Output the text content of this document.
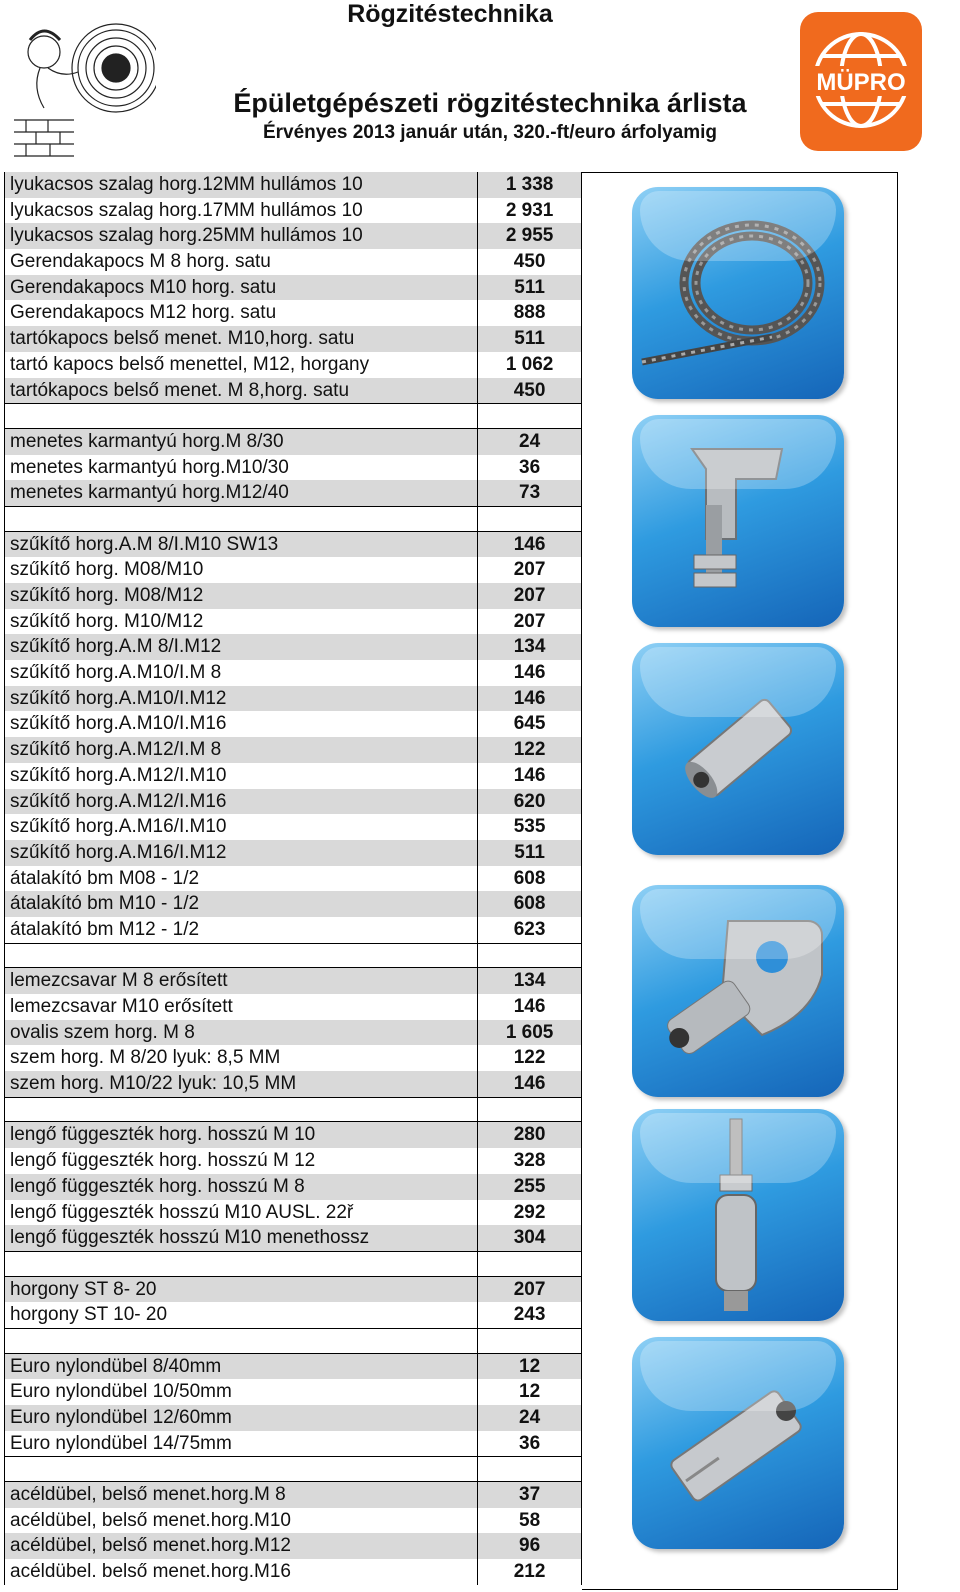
Rögzitéstechnika
Épületgépészeti rögzitéstechnika árlista
Érvényes 2013 január után, 320.-ft/euro árfolyamig
MÜPRO
lyukacsos szalag horg.12MM hullámos 10	1 338
lyukacsos szalag horg.17MM hullámos 10	2 931
lyukacsos szalag horg.25MM hullámos 10	2 955
Gerendakapocs M 8 horg. satu	450
Gerendakapocs M10 horg. satu	511
Gerendakapocs M12 horg. satu	888
tartókapocs belső menet. M10,horg. satu	511
tartó kapocs belső menettel, M12, horgany	1 062
tartókapocs belső menet. M 8,horg. satu	450
menetes karmantyú horg.M 8/30	24
menetes karmantyú horg.M10/30	36
menetes karmantyú horg.M12/40	73
szűkítő horg.A.M 8/I.M10 SW13	146
szűkítő horg. M08/M10	207
szűkítő horg. M08/M12	207
szűkítő horg. M10/M12	207
szűkítő horg.A.M 8/I.M12	134
szűkítő horg.A.M10/I.M 8	146
szűkítő horg.A.M10/I.M12	146
szűkítő horg.A.M10/I.M16	645
szűkítő horg.A.M12/I.M 8	122
szűkítő horg.A.M12/I.M10	146
szűkítő horg.A.M12/I.M16	620
szűkítő horg.A.M16/I.M10	535
szűkítő horg.A.M16/I.M12	511
átalakító bm M08 - 1/2	608
átalakító bm M10 - 1/2	608
átalakító bm M12 - 1/2	623
lemezcsavar M 8 erősített	134
lemezcsavar M10 erősített	146
ovalis szem horg. M 8	1 605
szem horg. M 8/20 lyuk: 8,5 MM	122
szem horg. M10/22 lyuk: 10,5 MM	146
lengő függeszték horg. hosszú M 10	280
lengő függeszték horg. hosszú M 12	328
lengő függeszték horg. hosszú M 8	255
lengő függeszték hosszú M10 AUSL. 22ř	292
lengő függeszték hosszú M10 menethossz	304
horgony ST 8- 20	207
horgony ST 10- 20	243
Euro nylondübel 8/40mm	12
Euro nylondübel 10/50mm	12
Euro nylondübel 12/60mm	24
Euro nylondübel 14/75mm	36
acéldübel, belső menet.horg.M 8	37
acéldübel, belső menet.horg.M10	58
acéldübel, belső menet.horg.M12	96
acéldübel. belső menet.horg.M16	212
